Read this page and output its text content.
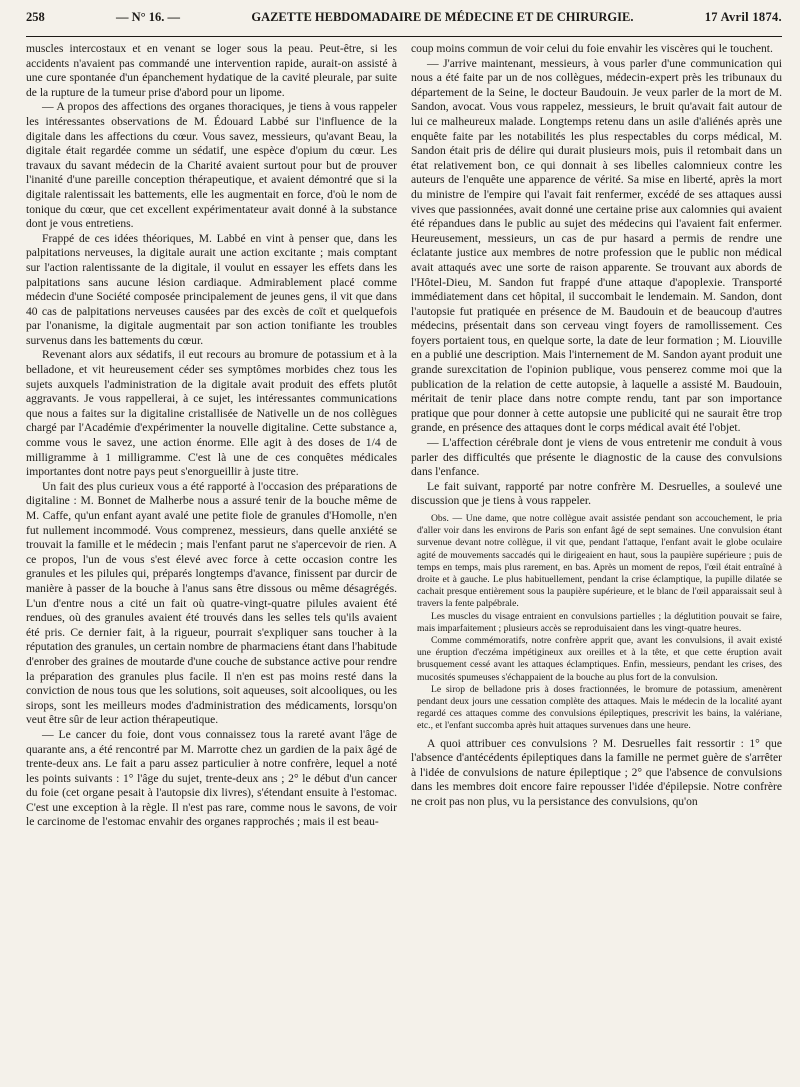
258	— N° 16. —	GAZETTE HEBDOMADAIRE DE MÉDECINE ET DE CHIRURGIE.	17 Avril 1874.

muscles intercostaux et en venant se loger sous la peau. Peut-être, si les accidents n'avaient pas commandé une intervention rapide, aurait-on assisté à une cure spontanée d'un épanchement hydatique de la cavité pleurale, par suite de la rupture de la tumeur prise d'abord pour un lipome.

— A propos des affections des organes thoraciques, je tiens à vous rappeler les intéressantes observations de M. Édouard Labbé sur l'influence de la digitale dans les affections du cœur. Vous savez, messieurs, qu'avant Beau, la digitale était regardée comme un sédatif, une espèce d'opium du cœur. Les travaux du savant médecin de la Charité avaient surtout pour but de prouver l'inanité d'une pareille conception thérapeutique, et avaient démontré que si la digitale ralentissait les battements, elle les augmentait en force, d'où le nom de tonique du cœur, que cet excellent expérimentateur avait donné à la substance dont je vous entretiens.

Frappé de ces idées théoriques, M. Labbé en vint à penser que, dans les palpitations nerveuses, la digitale aurait une action excitante ; mais comptant sur l'action ralentissante de la digitale, il voulut en essayer les effets dans les palpitations sans aucune lésion cardiaque. Admirablement placé comme médecin d'une Société composée principalement de jeunes gens, il vit que dans 40 cas de palpitations nerveuses causées par des excès de coït et quelquefois par l'onanisme, la digitale augmentait par son action tonifiante les troubles survenus dans les battements du cœur.

Revenant alors aux sédatifs, il eut recours au bromure de potassium et à la belladone, et vit heureusement céder ses symptômes morbides chez tous les sujets auxquels l'administration de la digitale avait produit des effets plutôt aggravants. Je vous rappellerai, à ce sujet, les intéressantes communications que nous a faites sur la digitaline cristallisée de Nativelle un de nos collègues chargé par l'Académie d'expérimenter la nouvelle digitaline. Cette substance a, comme vous le savez, une action énorme. Elle agit à des doses de 1/4 de milligramme à 1 milligramme. C'est là une de ces conquêtes médicales importantes dont notre pays peut s'enorgueillir à juste titre.

Un fait des plus curieux vous a été rapporté à l'occasion des préparations de digitaline : M. Bonnet de Malherbe nous a assuré tenir de la bouche même de M. Caffe, qu'un enfant ayant avalé une petite fiole de granules d'Homolle, n'en fut nullement incommodé. Vous comprenez, messieurs, dans quelle anxiété se trouvait la famille et le médecin ; mais l'enfant parut ne s'apercevoir de rien. A ce propos, l'un de vous s'est élevé avec force à cette occasion contre les granules et les pilules qui, préparés longtemps d'avance, finissent par durcir de manière à passer de la bouche à l'anus sans être dissous ou même désagrégés. L'un d'entre nous a cité un fait où quatre-vingt-quatre pilules avaient été rendues, où des granules avaient été trouvés dans les selles tels qu'ils avaient été pris. Ce dernier fait, à la rigueur, pourrait s'expliquer sans toucher à la réputation des granules, un certain nombre de pharmaciens étant dans l'habitude d'enrober des graines de moutarde d'une couche de substance active pour rendre la préparation des granules plus facile. Il n'en est pas moins resté dans la conviction de nous tous que les solutions, soit aqueuses, soit alcooliques, ou les sirops, sont les meilleurs modes d'administration des médicaments, lorsqu'on veut être sûr de leur action thérapeutique.

— Le cancer du foie, dont vous connaissez tous la rareté avant l'âge de quarante ans, a été rencontré par M. Marrotte chez un gardien de la paix âgé de trente-deux ans. Le fait a paru assez particulier à notre confrère, lequel a noté les points suivants : 1° l'âge du sujet, trente-deux ans ; 2° le début d'un cancer du foie (cet organe pesait à l'autopsie dix livres), s'étendant ensuite à l'estomac. C'est une exception à la règle. Il n'est pas rare, comme nous le savons, de voir le carcinome de l'estomac envahir des organes rapprochés ; mais il est beau-

coup moins commun de voir celui du foie envahir les viscères qui le touchent.

— J'arrive maintenant, messieurs, à vous parler d'une communication qui nous a été faite par un de nos collègues, médecin-expert près les tribunaux du département de la Seine, le docteur Baudouin. Je veux parler de la mort de M. Sandon, avocat. Vous vous rappelez, messieurs, le bruit qu'avait fait autour de lui ce malheureux malade. Longtemps retenu dans un asile d'aliénés après une enquête faite par les notabilités les plus respectables du corps médical, M. Sandon était pris de délire qui durait plusieurs mois, puis il retombait dans un état relativement bon, ce qui donnait à ses libelles calomnieux contre les auteurs de l'enquête une apparence de vérité. Sa mise en liberté, après la mort du ministre de l'empire qui l'avait fait renfermer, excédé de ses attaques aussi vives que passionnées, avait donné une certaine prise aux calomnies qui avaient été répandues dans le public au sujet des médecins qui l'avaient fait enfermer. Heureusement, messieurs, un cas de pur hasard a permis de rendre une éclatante justice aux membres de notre profession que le public non médical avait attaqués avec une sorte de raison apparente. Se trouvant aux abords de l'Hôtel-Dieu, M. Sandon fut frappé d'une attaque d'apoplexie. Transporté immédiatement dans cet hôpital, il succombait le lendemain. M. Sandon, dont l'autopsie fut pratiquée en présence de M. Baudouin et de beaucoup d'autres médecins, présentait dans son cerveau vingt foyers de ramollissement. Ces foyers portaient tous, en quelque sorte, la date de leur formation ; M. Liouville en a publié une description. Mais l'internement de M. Sandon ayant produit une grande surexcitation de l'opinion publique, vous penserez comme moi que la publication de la relation de cette autopsie, à laquelle a assisté M. Baudouin, méritait de tenir place dans notre compte rendu, tant par son importance pratique que pour donner à cette autopsie une publicité qui ne saurait être trop grande, en présence des attaques dont le corps médical avait été l'objet.

— L'affection cérébrale dont je viens de vous entretenir me conduit à vous parler des difficultés que présente le diagnostic de la cause des convulsions dans l'enfance.

Le fait suivant, rapporté par notre confrère M. Desruelles, a soulevé une discussion que je tiens à vous rappeler.

Obs. — Une dame, que notre collègue avait assistée pendant son accouchement, le pria d'aller voir dans les environs de Paris son enfant âgé de sept semaines. Une convulsion étant survenue devant notre collègue, il vit que, pendant l'attaque, l'enfant avait le globe oculaire agité de mouvements saccadés qui le dirigeaient en haut, sous la paupière supérieure ; puis de temps en temps, mais plus rarement, en bas. Après un moment de repos, l'œil était entraîné à droite et à gauche. Le plus habituellement, pendant la crise éclamptique, la pupille dilatée se cachait presque entièrement sous la paupière supérieure, et le blanc de l'œil apparaissait seul à travers la fente palpébrale.

Les muscles du visage entraient en convulsions partielles ; la déglutition pouvait se faire, mais imparfaitement ; plusieurs accès se reproduisaient dans les vingt-quatre heures.

Comme commémoratifs, notre confrère apprit que, avant les convulsions, il avait existé une éruption d'eczéma impétigineux aux oreilles et à la tête, et que cette éruption avait brusquement cessé avant les attaques éclamptiques. Enfin, messieurs, pendant les crises, des mucosités spumeuses s'échappaient de la bouche au plus fort de la convulsion.

Le sirop de belladone pris à doses fractionnées, le bromure de potassium, amenèrent pendant deux jours une cessation complète des attaques. Mais le médecin de la localité ayant regardé ces attaques comme des convulsions épileptiques, prescrivit les bains, la valériane, etc., et l'enfant succomba après huit attaques survenues dans une heure.

A quoi attribuer ces convulsions ? M. Desruelles fait ressortir : 1° que l'absence d'antécédents épileptiques dans la famille ne permet guère de s'arrêter à l'idée de convulsions de nature épileptique ; 2° que l'absence de convulsions dans les membres doit encore faire repousser l'idée d'épilepsie. Notre confrère ne croit pas non plus, vu la persistance des convulsions, qu'on
